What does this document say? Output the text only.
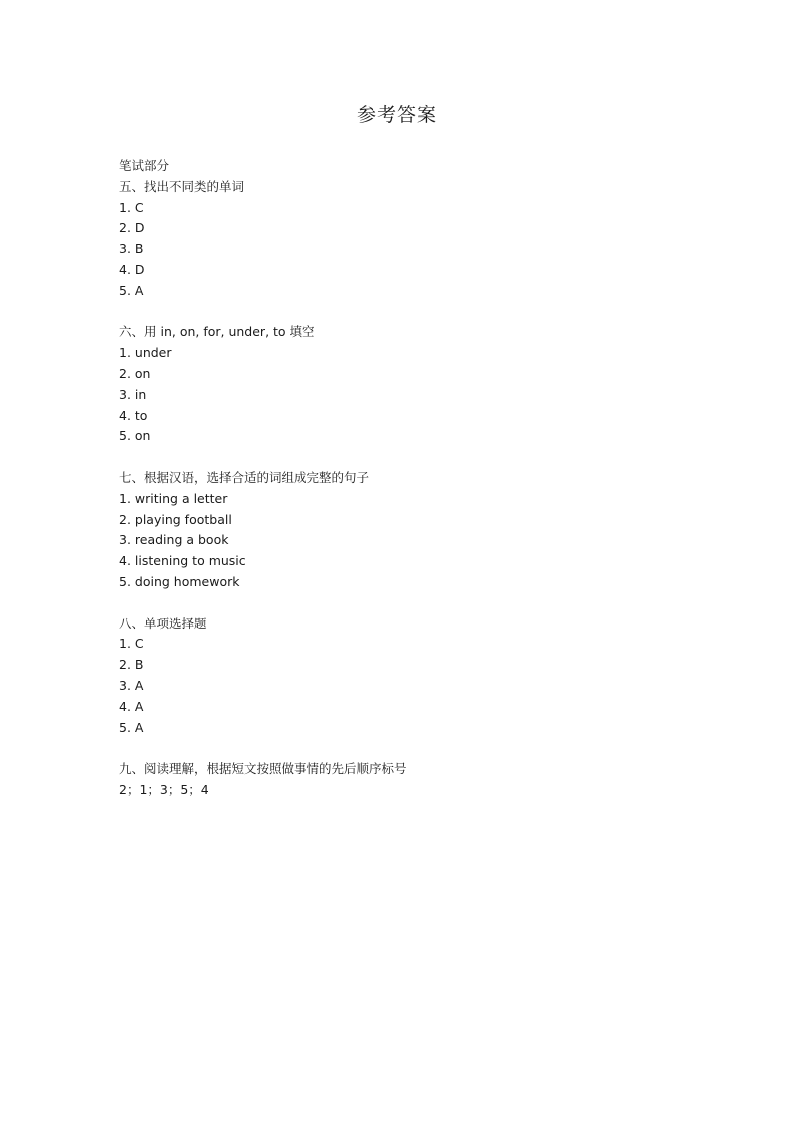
参考答案
笔试部分
五、找出不同类的单词
1. C
2. D
3. B
4. D
5. A
六、用 in, on, for, under, to 填空
1. under
2. on
3. in
4. to
5. on
七、根据汉语，选择合适的词组成完整的句子
1. writing a letter
2. playing football
3. reading a book
4. listening to music
5. doing homework
八、单项选择题
1. C
2. B
3. A
4. A
5. A
九、阅读理解，根据短文按照做事情的先后顺序标号
2；1；3；5；4
